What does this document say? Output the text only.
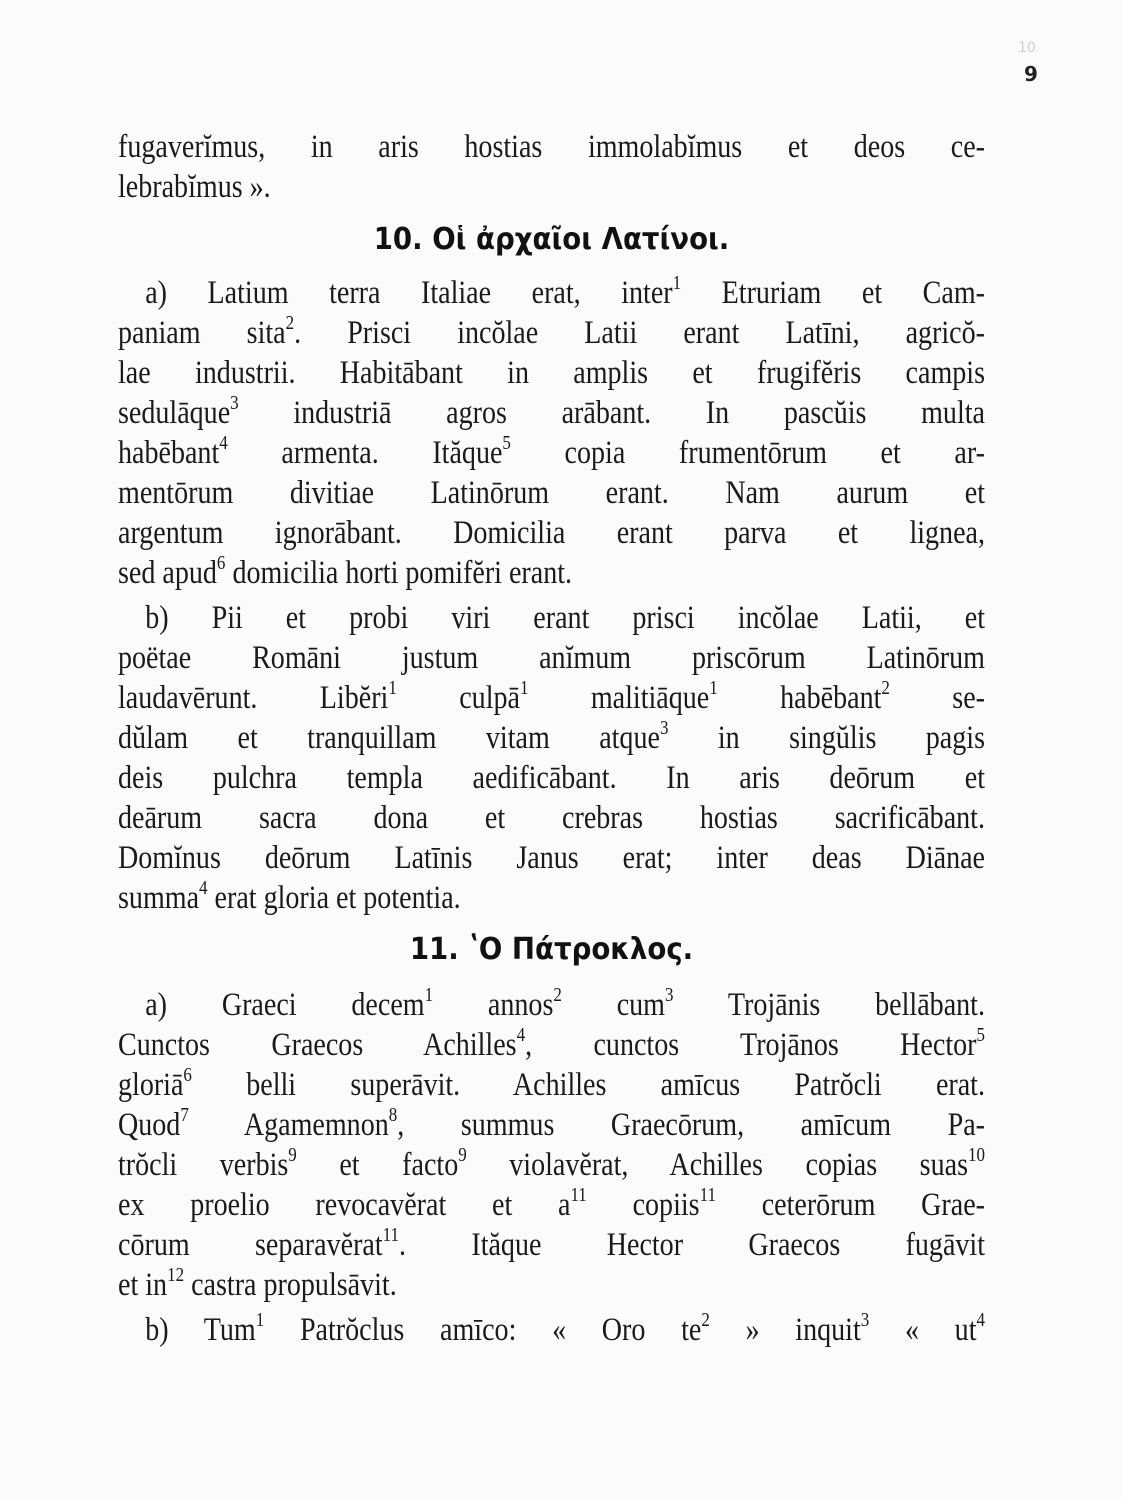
10
9
fugaverĭmus, in aris hostias immolabĭmus et deos ce-
lebrabĭmus ».
10. Oἱ ἀρχαῖοι Λατίνοι.
a) Latium terra Italiae erat, inter$^1$ Etruriam et Cam-
paniam sita$^2$. Prisci incŏlae Latii erant Latīni, agricŏ-
lae industrii. Habitābant in amplis et frugifĕris campis
sedulāque$^3$ industriā agros arābant. In pascŭis multa
habēbant$^4$ armenta. Ităque$^5$ copia frumentōrum et ar-
mentōrum divitiae Latinōrum erant. Nam aurum et
argentum ignorābant. Domicilia erant parva et lignea,
sed apud$^6$ domicilia horti pomifĕri erant.
b) Pii et probi viri erant prisci incŏlae Latii, et
poëtae Romāni justum anĭmum priscōrum Latinōrum
laudavērunt. Libĕri$^1$ culpā$^1$ malitiāque$^1$ habēbant$^2$ se-
dŭlam et tranquillam vitam atque$^3$ in singŭlis pagis
deis pulchra templa aedificābant. In aris deōrum et
deārum sacra dona et crebras hostias sacrificābant.
Domĭnus deōrum Latīnis Janus erat; inter deas Diānae
summa$^4$ erat gloria et potentia.
11. ʽO Πάτροκλος.
a) Graeci decem$^1$ annos$^2$ cum$^3$ Trojānis bellābant.
Cunctos Graecos Achilles$^4$, cunctos Trojānos Hector$^5$
gloriā$^6$ belli superāvit. Achilles amīcus Patrŏcli erat.
Quod$^7$ Agamemnon$^8$, summus Graecōrum, amīcum Pa-
trŏcli verbis$^9$ et facto$^9$ violavĕrat, Achilles copias suas$^{10}$
ex proelio revocavĕrat et $a^{11}$ copiis$^{11}$ ceterōrum Grae-
cōrum separavĕrat$^{11}$. Ităque Hector Graecos fugāvit
et $in^{12}$ castra propulsāvit.
b) Tum$^1$ Patrŏclus amīco: « Oro $te^2$ » inquit$^3$ « $ut^4$
